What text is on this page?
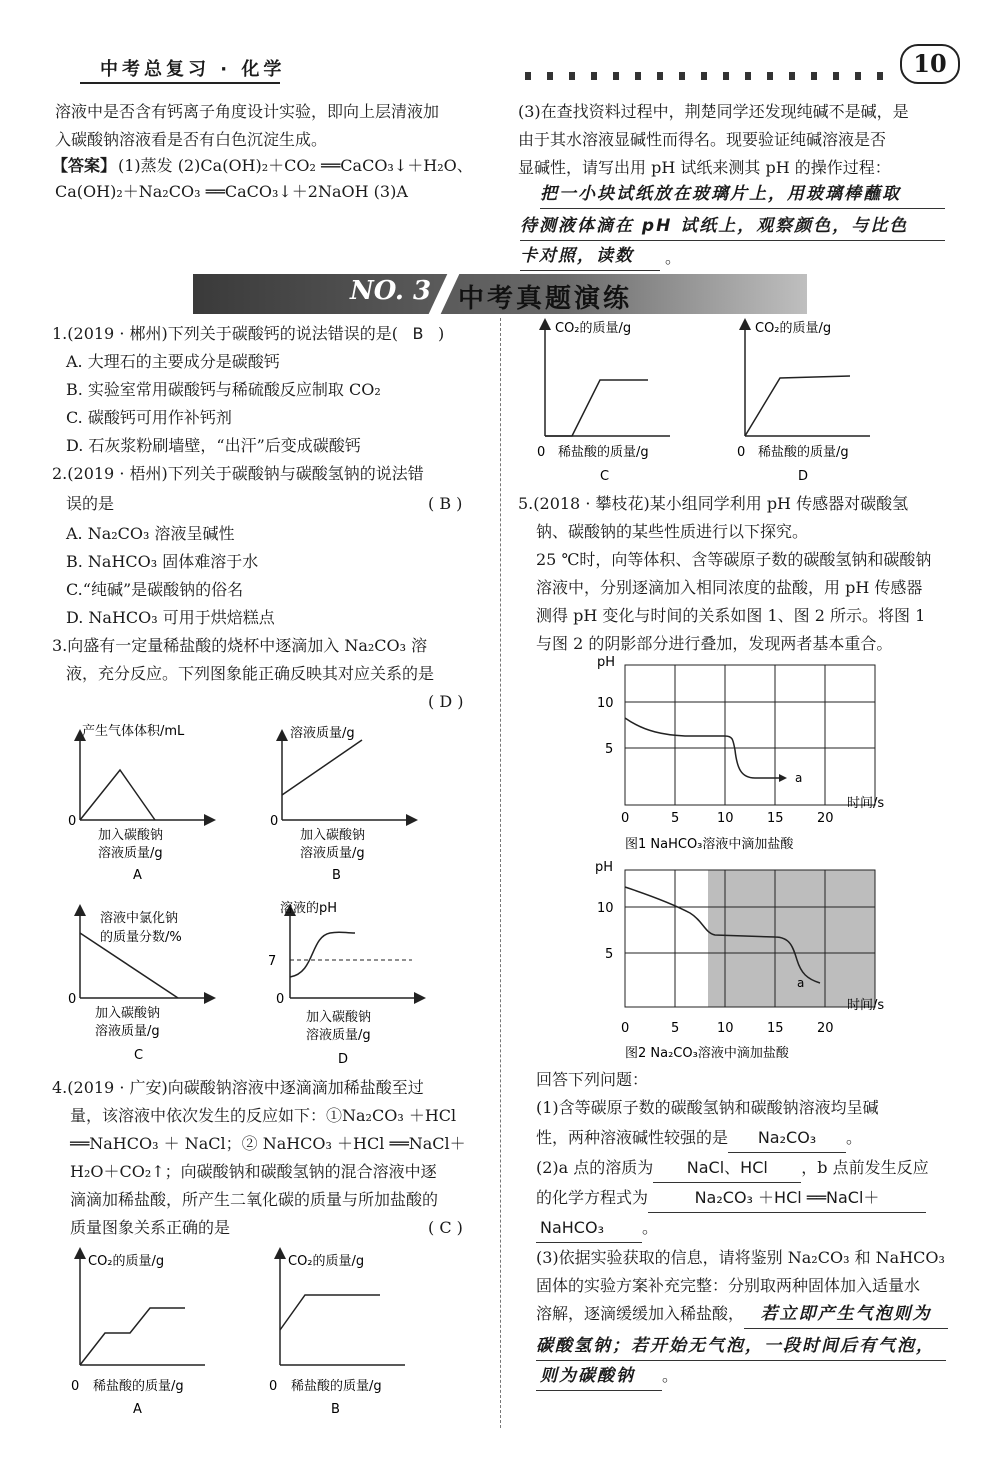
中考总复习 · 化学	10
溶液中是否含有钙离子角度设计实验，即向上层清液加
入碳酸钠溶液看是否有白色沉淀生成。
【答案】 (1)蒸发 (2)Ca(OH)₂＋CO₂ ══CaCO₃↓＋H₂O、
Ca(OH)₂＋Na₂CO₃ ══CaCO₃↓＋2NaOH (3)A
(3)在查找资料过程中，荆楚同学还发现纯碱不是碱，是
由于其水溶液显碱性而得名。现要验证纯碱溶液是否
显碱性，请写出用 pH 试纸来测其 pH 的操作过程：
把一小块试纸放在玻璃片上，用玻璃棒蘸取
待测液体滴在 pH 试纸上，观察颜色，与比色
卡对照，读数	。
NO. 3 中考真题演练
1.(2019 · 郴州)下列关于碳酸钙的说法错误的是( B )
A. 大理石的主要成分是碳酸钙
B. 实验室常用碳酸钙与稀硫酸反应制取 CO₂
C. 碳酸钙可用作补钙剂
D. 石灰浆粉刷墙壁，“出汗”后变成碳酸钙
2.(2019 · 梧州)下列关于碳酸钠与碳酸氢钠的说法错
误的是	( B )
A. Na₂CO₃ 溶液呈碱性
B. NaHCO₃ 固体难溶于水
C.“纯碱”是碳酸钠的俗名
D. NaHCO₃ 可用于烘焙糕点
3.向盛有一定量稀盐酸的烧杯中逐滴加入 Na₂CO₃ 溶
液，充分反应。下列图象能正确反映其对应关系的是
( D )
产生气体体积/mL
0
加入碳酸钠
溶液质量/g
A
溶液质量/g
0
加入碳酸钠
溶液质量/g
B
溶液中氯化钠
的质量分数/%
0
加入碳酸钠
溶液质量/g
C
溶液的pH
7
0
加入碳酸钠
溶液质量/g
D
4.(2019 · 广安)向碳酸钠溶液中逐滴滴加稀盐酸至过
量，该溶液中依次发生的反应如下：①Na₂CO₃ ＋HCl
══NaHCO₃ ＋ NaCl；② NaHCO₃ ＋HCl ══NaCl＋
H₂O＋CO₂↑；向碳酸钠和碳酸氢钠的混合溶液中逐
滴滴加稀盐酸，所产生二氧化碳的质量与所加盐酸的
质量图象关系正确的是	( C )
CO₂的质量/g
0 稀盐酸的质量/g
A
CO₂的质量/g
0 稀盐酸的质量/g
B
CO₂的质量/g
0 稀盐酸的质量/g
C
CO₂的质量/g
0 稀盐酸的质量/g
D
5.(2018 · 攀枝花)某小组同学利用 pH 传感器对碳酸氢
钠、碳酸钠的某些性质进行以下探究。
25 ℃时，向等体积、含等碳原子数的碳酸氢钠和碳酸钠
溶液中，分别逐滴加入相同浓度的盐酸，用 pH 传感器
测得 pH 变化与时间的关系如图 1、图 2 所示。将图 1
与图 2 的阴影部分进行叠加，发现两者基本重合。
a
pH
10
5
0	5	10	15	20
时间/s
图1 NaHCO₃溶液中滴加盐酸
a
pH
10
5
0	5	10	15	20
时间/s
图2 Na₂CO₃溶液中滴加盐酸
回答下列问题：
(1)含等碳原子数的碳酸氢钠和碳酸钠溶液均呈碱
性，两种溶液碱性较强的是 Na₂CO₃ 。
(2)a 点的溶质为 NaCl、HCl ，b 点前发生反应
的化学方程式为	Na₂CO₃ ＋HCl ══NaCl＋
NaHCO₃ 。
(3)依据实验获取的信息，请将鉴别 Na₂CO₃ 和 NaHCO₃
固体的实验方案补充完整：分别取两种固体加入适量水
溶解，逐滴缓缓加入稀盐酸， 若立即产生气泡则为
碳酸氢钠；若开始无气泡，一段时间后有气泡，
则为碳酸钠 。
